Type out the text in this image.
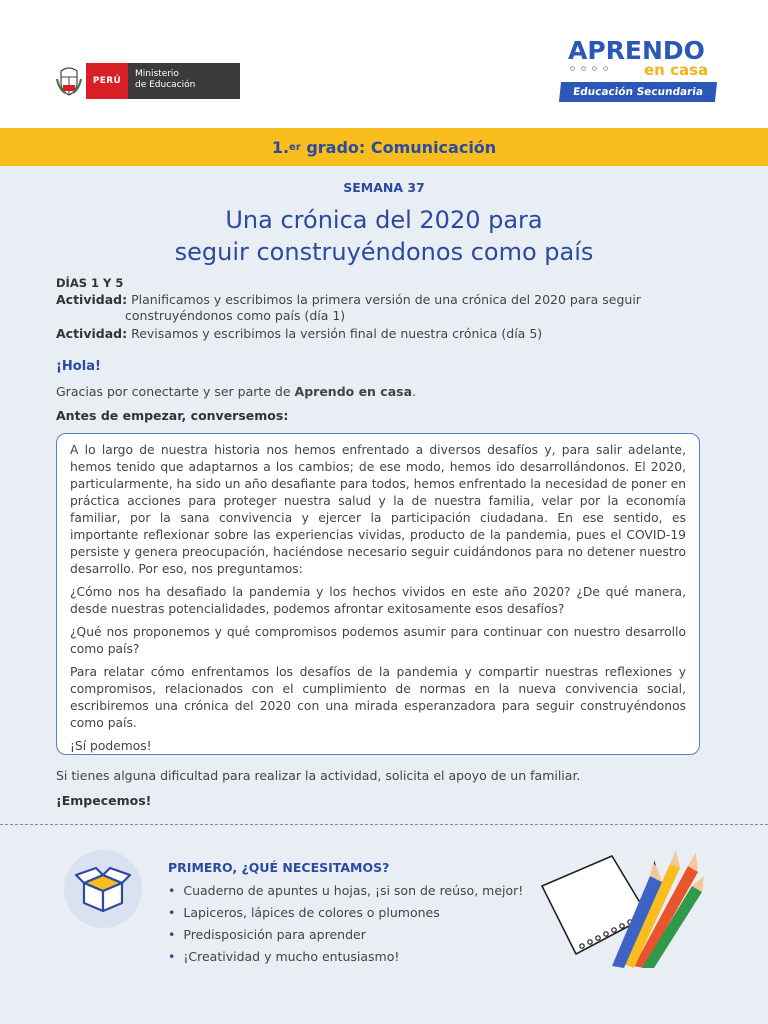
PERÚ
Ministerio
de Educación
APRENDO
en casa
Educación Secundaria
1. er grado: Comunicación
SEMANA 37
Una crónica del 2020 para
seguir construyéndonos como país
DÍAS 1 Y 5
Actividad: Planificamos y escribimos la primera versión de una crónica del 2020 para seguir
construyéndonos como país (día 1)
Actividad: Revisamos y escribimos la versión final de nuestra crónica (día 5)
¡Hola!
Gracias por conectarte y ser parte de Aprendo en casa.
Antes de empezar, conversemos:

A lo largo de nuestra historia nos hemos enfrentado a diversos desafíos y, para salir adelante, hemos tenido que adaptarnos a los cambios; de ese modo, hemos ido desarrollándonos. El 2020, particularmente, ha sido un año desafiante para todos, hemos enfrentado la necesidad de poner en práctica acciones para proteger nuestra salud y la de nuestra familia, velar por la economía familiar, por la sana convivencia y ejercer la participación ciudadana. En ese sentido, es importante reflexionar sobre las experiencias vividas, producto de la pandemia, pues el COVID-19 persiste y genera preocupación, haciéndose necesario seguir cuidándonos para no detener nuestro desarrollo. Por eso, nos preguntamos:

¿Cómo nos ha desafiado la pandemia y los hechos vividos en este año 2020? ¿De qué manera, desde nuestras potencialidades, podemos afrontar exitosamente esos desafíos?

¿Qué nos proponemos y qué compromisos podemos asumir para continuar con nuestro desarrollo como país?

Para relatar cómo enfrentamos los desafíos de la pandemia y compartir nuestras reflexiones y compromisos, relacionados con el cumplimiento de normas en la nueva convivencia social, escribiremos una crónica del 2020 con una mirada esperanzadora para seguir construyéndonos como país.

¡Sí podemos!

Si tienes alguna dificultad para realizar la actividad, solicita el apoyo de un familiar.
¡Empecemos!
PRIMERO, ¿QUÉ NECESITAMOS?
• Cuaderno de apuntes u hojas, ¡si son de reúso, mejor!
• Lapiceros, lápices de colores o plumones
• Predisposición para aprender
• ¡Creatividad y mucho entusiasmo!
